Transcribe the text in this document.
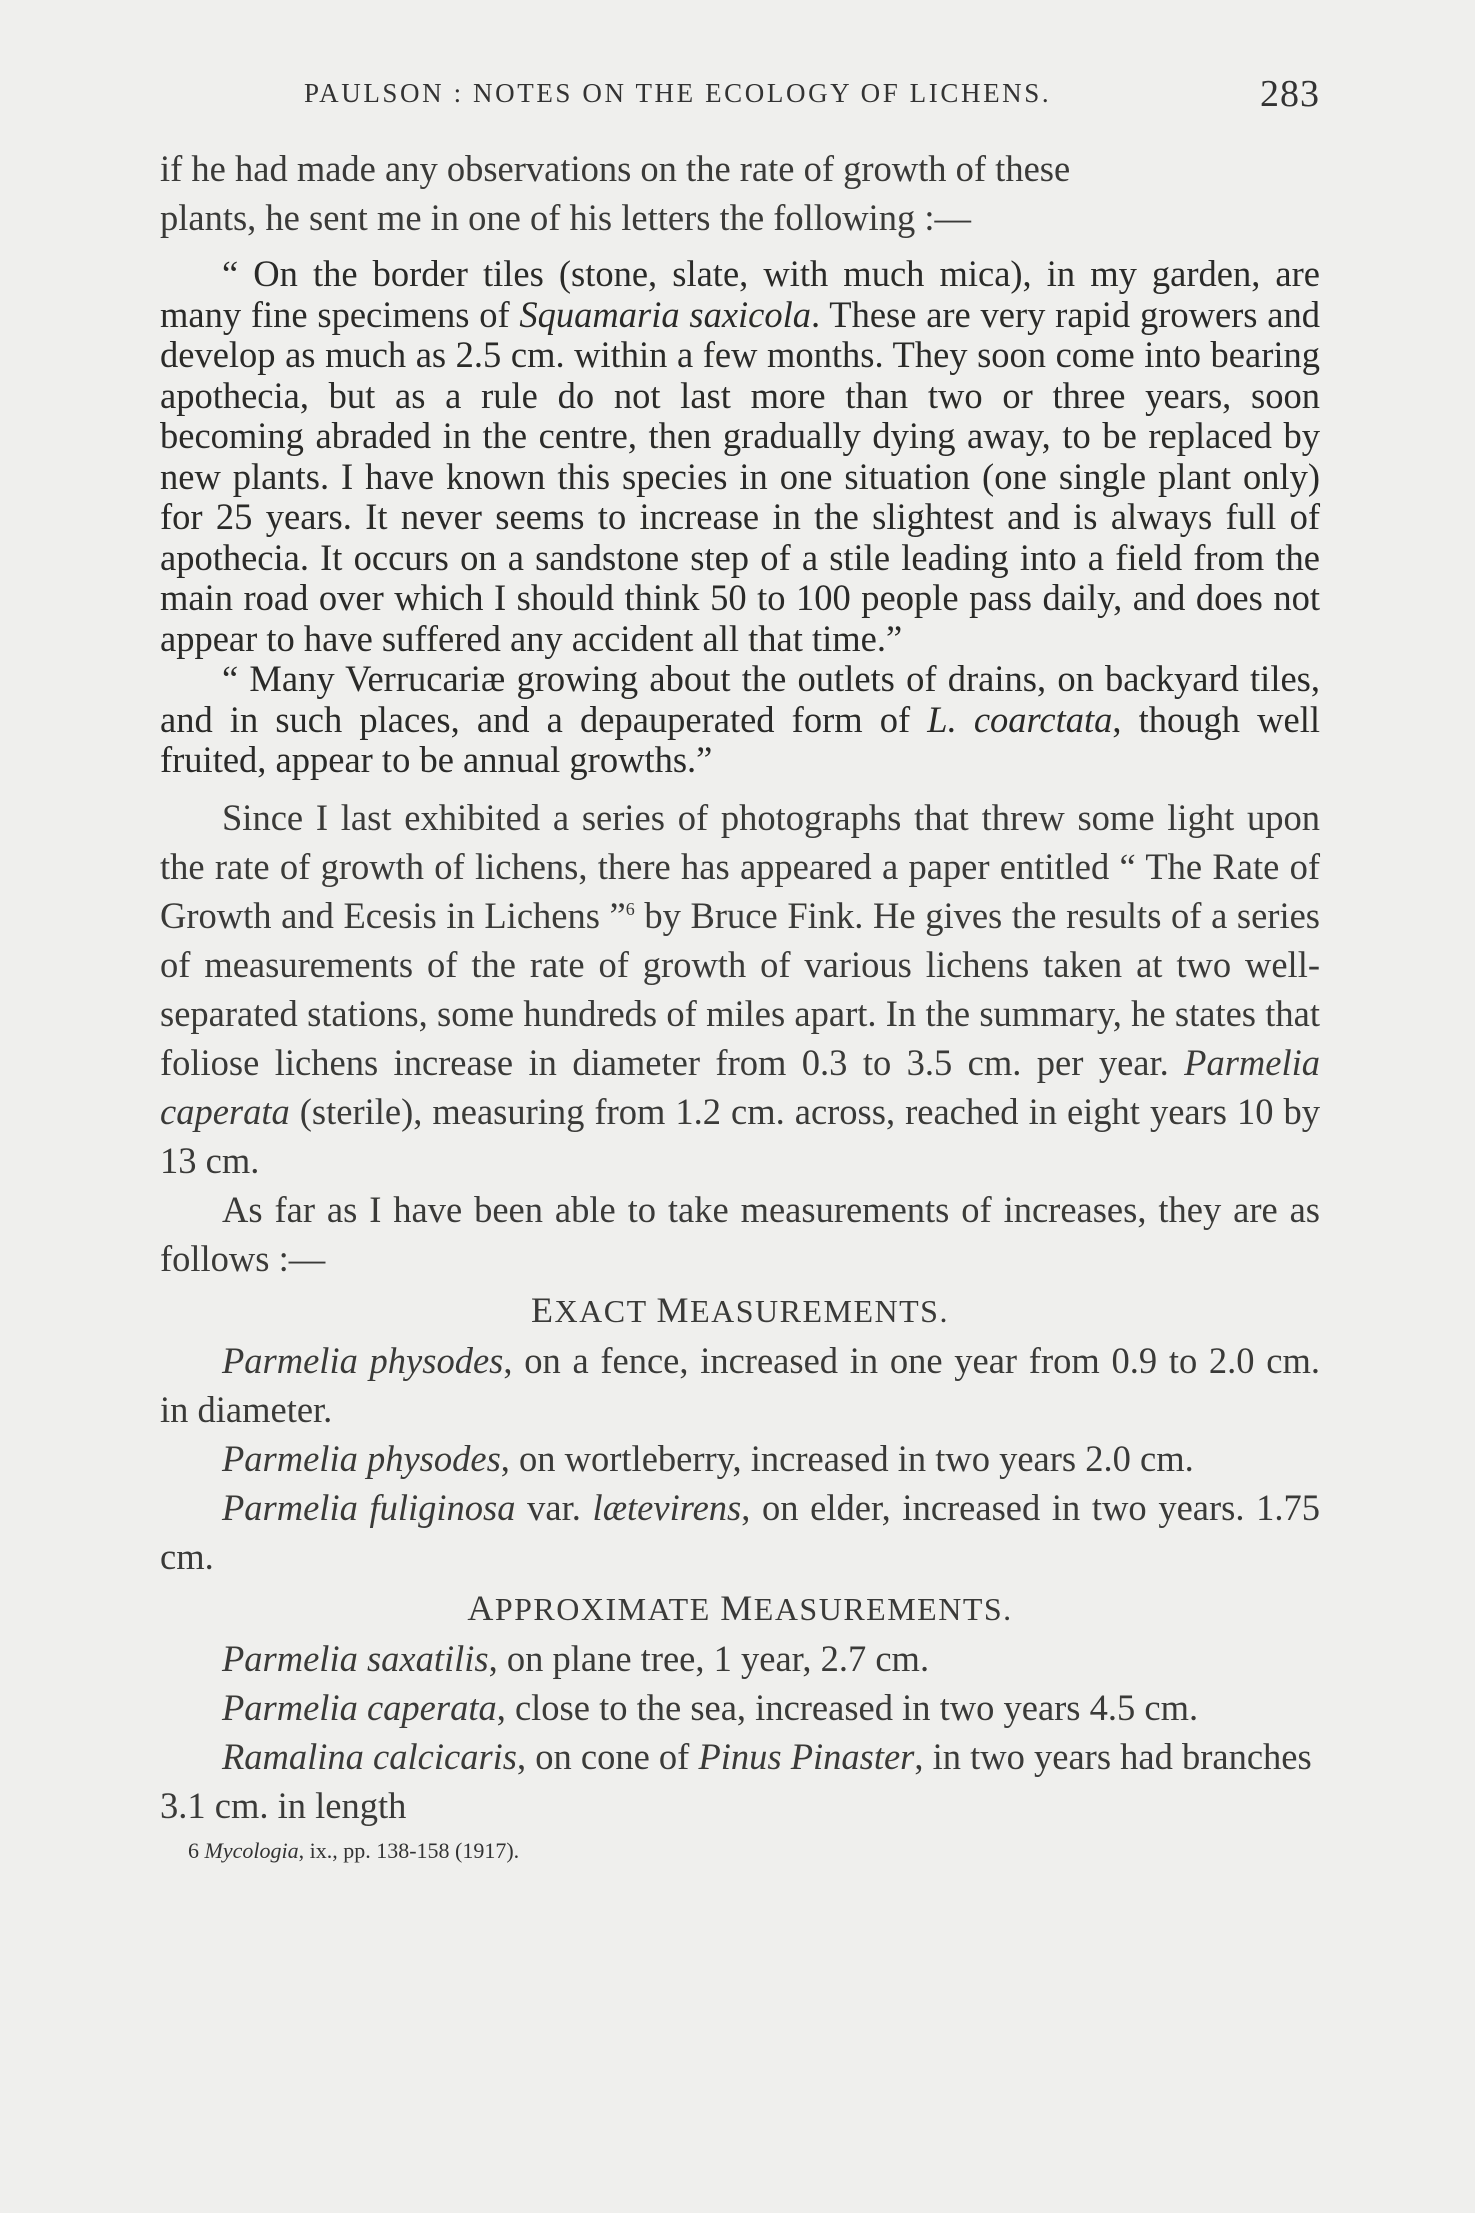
PAULSON : NOTES ON THE ECOLOGY OF LICHENS.	283

if he had made any observations on the rate of growth of these

plants, he sent me in one of his letters the following :—

“ On the border tiles (stone, slate, with much mica), in my garden, are many fine specimens of Squamaria saxicola. These are very rapid growers and develop as much as 2.5 cm. within a few months. They soon come into bearing apothecia, but as a rule do not last more than two or three years, soon becoming abraded in the centre, then gradually dying away, to be replaced by new plants. I have known this species in one situation (one single plant only) for 25 years. It never seems to increase in the slightest and is always full of apothecia. It occurs on a sandstone step of a stile leading into a field from the main road over which I should think 50 to 100 people pass daily, and does not appear to have suffered any accident all that time.”

“ Many Verrucariæ growing about the outlets of drains, on backyard tiles, and in such places, and a depauperated form of L. coarctata, though well fruited, appear to be annual growths.”

Since I last exhibited a series of photographs that threw some light upon the rate of growth of lichens, there has appeared a paper entitled “ The Rate of Growth and Ecesis in Lichens ”$^6$ by Bruce Fink. He gives the results of a series of measurements of the rate of growth of various lichens taken at two well-separated stations, some hundreds of miles apart. In the summary, he states that foliose lichens increase in diameter from 0.3 to 3.5 cm. per year. Parmelia caperata (sterile), measuring from 1.2 cm. across, reached in eight years 10 by 13 cm.

As far as I have been able to take measurements of increases, they are as follows :—

EXACT MEASUREMENTS.

Parmelia physodes, on a fence, increased in one year from 0.9 to 2.0 cm. in diameter.

Parmelia physodes, on wortleberry, increased in two years 2.0 cm.

Parmelia fuliginosa var. lætevirens, on elder, increased in two years. 1.75 cm.

APPROXIMATE MEASUREMENTS.

Parmelia saxatilis, on plane tree, 1 year, 2.7 cm.

Parmelia caperata, close to the sea, increased in two years 4.5 cm.

Ramalina calcicaris, on cone of Pinus Pinaster, in two years had branches 3.1 cm. in length

6 Mycologia, ix., pp. 138-158 (1917).
